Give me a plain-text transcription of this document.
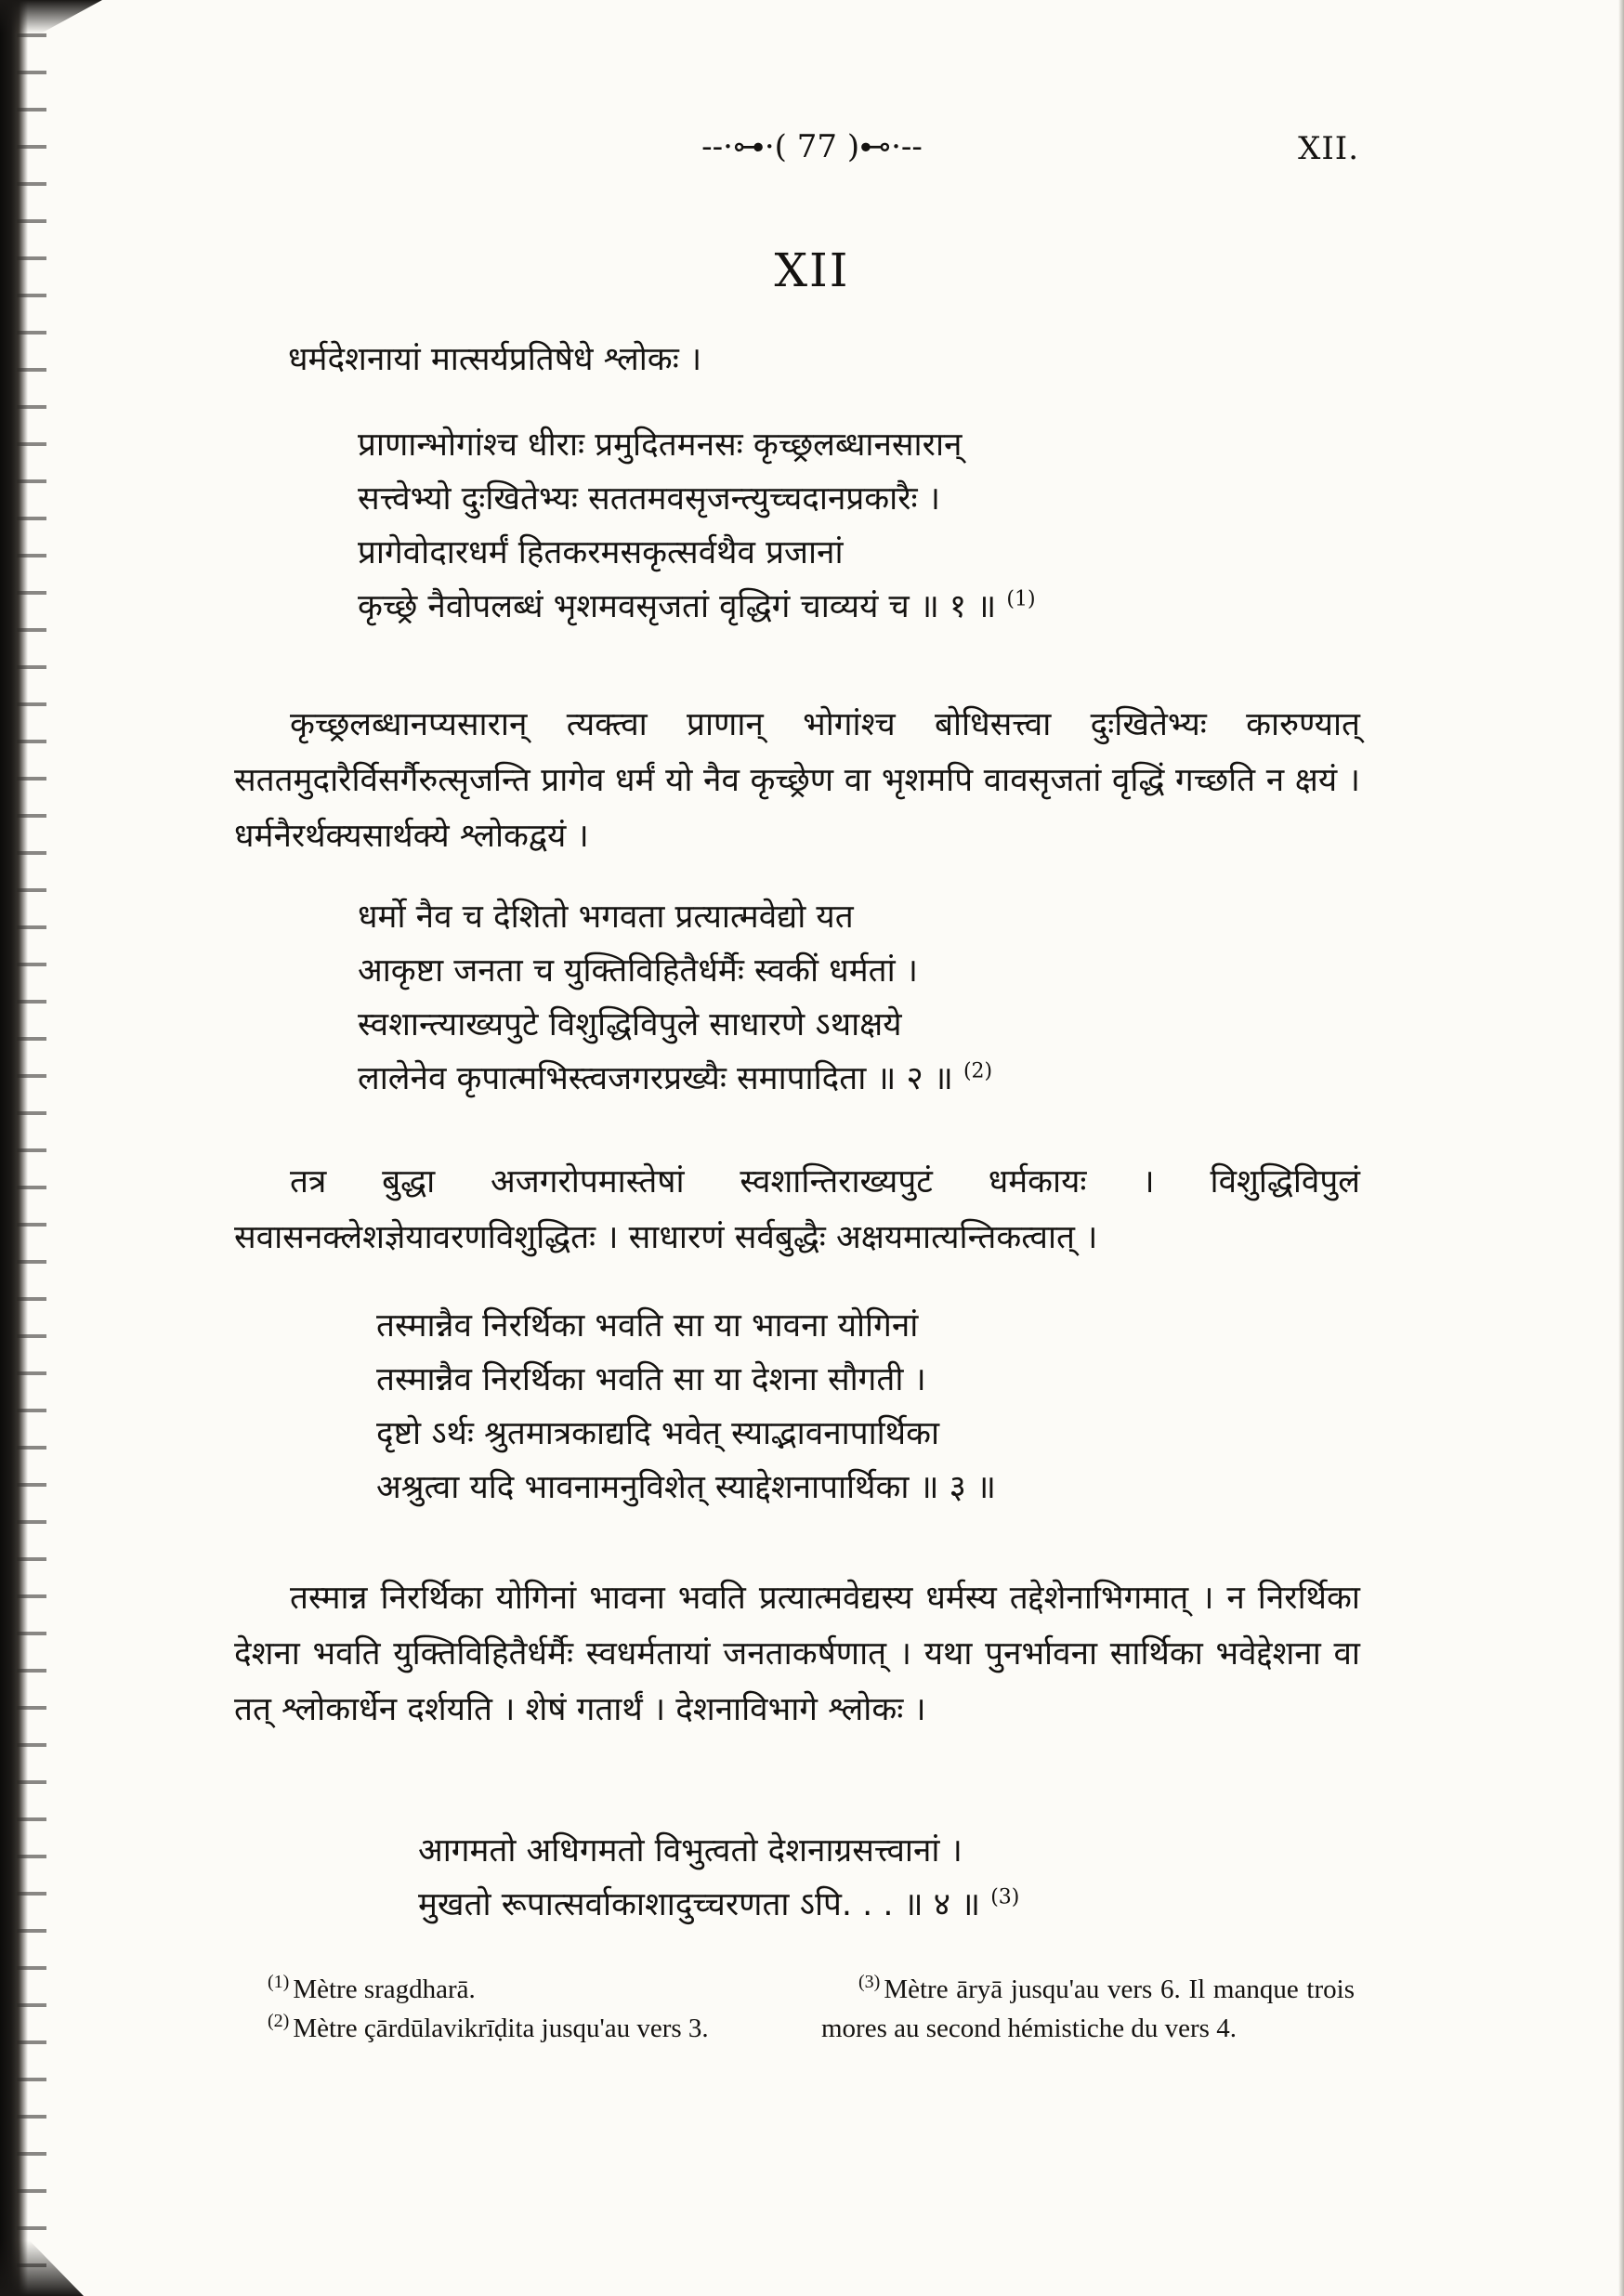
--·⊶·( 77 )⊷·--	XII.
XII
धर्मदेशनायां मात्सर्यप्रतिषेधे श्लोकः ।
प्राणान्भोगांश्च धीराः प्रमुदितमनसः कृच्छ्रलब्धानसारान्
सत्त्वेभ्यो दुःखितेभ्यः सततमवसृजन्त्युच्चदानप्रकारैः ।
प्रागेवोदारधर्मं हितकरमसकृत्सर्वथैव प्रजानां
कृच्छ्रे नैवोपलब्धं भृशमवसृजतां वृद्धिगं चाव्ययं च ॥ १ ॥ $^{(1)}$
कृच्छ्रलब्धानप्यसारान् त्यक्त्वा प्राणान् भोगांश्च बोधिसत्त्वा दुःखितेभ्यः कारुण्यात् सततमुदारैर्विसर्गैरुत्सृजन्ति प्रागेव धर्मं यो नैव कृच्छ्रेण वा भृशमपि वावसृजतां वृद्धिं गच्छति न क्षयं । धर्मनैरर्थक्यसार्थक्ये श्लोकद्वयं ।
धर्मो नैव च देशितो भगवता प्रत्यात्मवेद्यो यत
आकृष्टा जनता च युक्तिविहितैर्धर्मैः स्वकीं धर्मतां ।
स्वशान्त्याख्यपुटे विशुद्धिविपुले साधारणे ऽथाक्षये
लालेनेव कृपात्मभिस्त्वजगरप्रख्यैः समापादिता ॥ २ ॥ $^{(2)}$
तत्र बुद्धा अजगरोपमास्तेषां स्वशान्तिराख्यपुटं धर्मकायः । विशुद्धिविपुलं सवासनक्लेशज्ञेयावरणविशुद्धितः । साधारणं सर्वबुद्धैः अक्षयमात्यन्तिकत्वात् ।
तस्मान्नैव निरर्थिका भवति सा या भावना योगिनां
तस्मान्नैव निरर्थिका भवति सा या देशना सौगती ।
दृष्टो ऽर्थः श्रुतमात्रकाद्यदि भवेत् स्याद्भावनापार्थिका
अश्रुत्वा यदि भावनामनुविशेत् स्याद्देशनापार्थिका ॥ ३ ॥
तस्मान्न निरर्थिका योगिनां भावना भवति प्रत्यात्मवेद्यस्य धर्मस्य तद्देशेनाभिगमात् । न निरर्थिका देशना भवति युक्तिविहितैर्धर्मैः स्वधर्मतायां जनताकर्षणात् । यथा पुनर्भावना सार्थिका भवेद्देशना वा तत् श्लोकार्धेन दर्शयति । शेषं गतार्थं । देशनाविभागे श्लोकः ।
आगमतो अधिगमतो विभुत्वतो देशनाग्रसत्त्वानां ।
मुखतो रूपात्सर्वाकाशादुच्चरणता ऽपि. . . ॥ ४ ॥ $^{(3)}$

$^{(1)}$ Mètre sragdharā.

$^{(2)}$ Mètre çārdūlavikrīḍita jusqu'au vers 3.

$^{(3)}$ Mètre āryā jusqu'au vers 6. Il manque trois mores au second hémistiche du vers 4.
